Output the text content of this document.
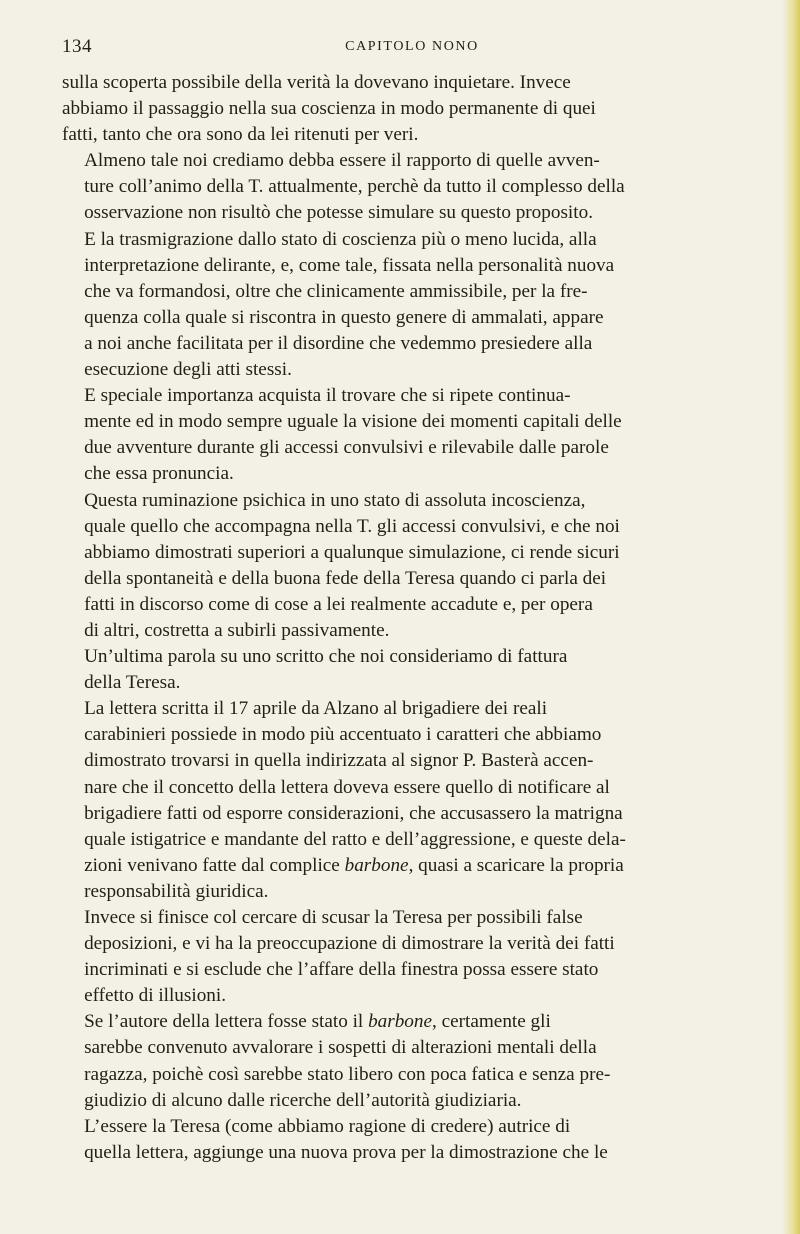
134	CAPITOLO NONO

sulla scoperta possibile della verità la dovevano inquietare. Invece
abbiamo il passaggio nella sua coscienza in modo permanente di quei
fatti, tanto che ora sono da lei ritenuti per veri.

Almeno tale noi crediamo debba essere il rapporto di quelle avven-
ture coll’animo della T. attualmente, perchè da tutto il complesso della
osservazione non risultò che potesse simulare su questo proposito.

E la trasmigrazione dallo stato di coscienza più o meno lucida, alla
interpretazione delirante, e, come tale, fissata nella personalità nuova
che va formandosi, oltre che clinicamente ammissibile, per la fre-
quenza colla quale si riscontra in questo genere di ammalati, appare
a noi anche facilitata per il disordine che vedemmo presiedere alla
esecuzione degli atti stessi.

E speciale importanza acquista il trovare che si ripete continua-
mente ed in modo sempre uguale la visione dei momenti capitali delle
due avventure durante gli accessi convulsivi e rilevabile dalle parole
che essa pronuncia.

Questa ruminazione psichica in uno stato di assoluta incoscienza,
quale quello che accompagna nella T. gli accessi convulsivi, e che noi
abbiamo dimostrati superiori a qualunque simulazione, ci rende sicuri
della spontaneità e della buona fede della Teresa quando ci parla dei
fatti in discorso come di cose a lei realmente accadute e, per opera
di altri, costretta a subirli passivamente.

Un’ultima parola su uno scritto che noi consideriamo di fattura
della Teresa.

La lettera scritta il 17 aprile da Alzano al brigadiere dei reali
carabinieri possiede in modo più accentuato i caratteri che abbiamo
dimostrato trovarsi in quella indirizzata al signor P. Basterà accen-
nare che il concetto della lettera doveva essere quello di notificare al
brigadiere fatti od esporre considerazioni, che accusassero la matrigna
quale istigatrice e mandante del ratto e dell’aggressione, e queste dela-
zioni venivano fatte dal complice barbone, quasi a scaricare la propria
responsabilità giuridica.

Invece si finisce col cercare di scusar la Teresa per possibili false
deposizioni, e vi ha la preoccupazione di dimostrare la verità dei fatti
incriminati e si esclude che l’affare della finestra possa essere stato
effetto di illusioni.

Se l’autore della lettera fosse stato il barbone, certamente gli
sarebbe convenuto avvalorare i sospetti di alterazioni mentali della
ragazza, poichè così sarebbe stato libero con poca fatica e senza pre-
giudizio di alcuno dalle ricerche dell’autorità giudiziaria.

L’essere la Teresa (come abbiamo ragione di credere) autrice di
quella lettera, aggiunge una nuova prova per la dimostrazione che le
